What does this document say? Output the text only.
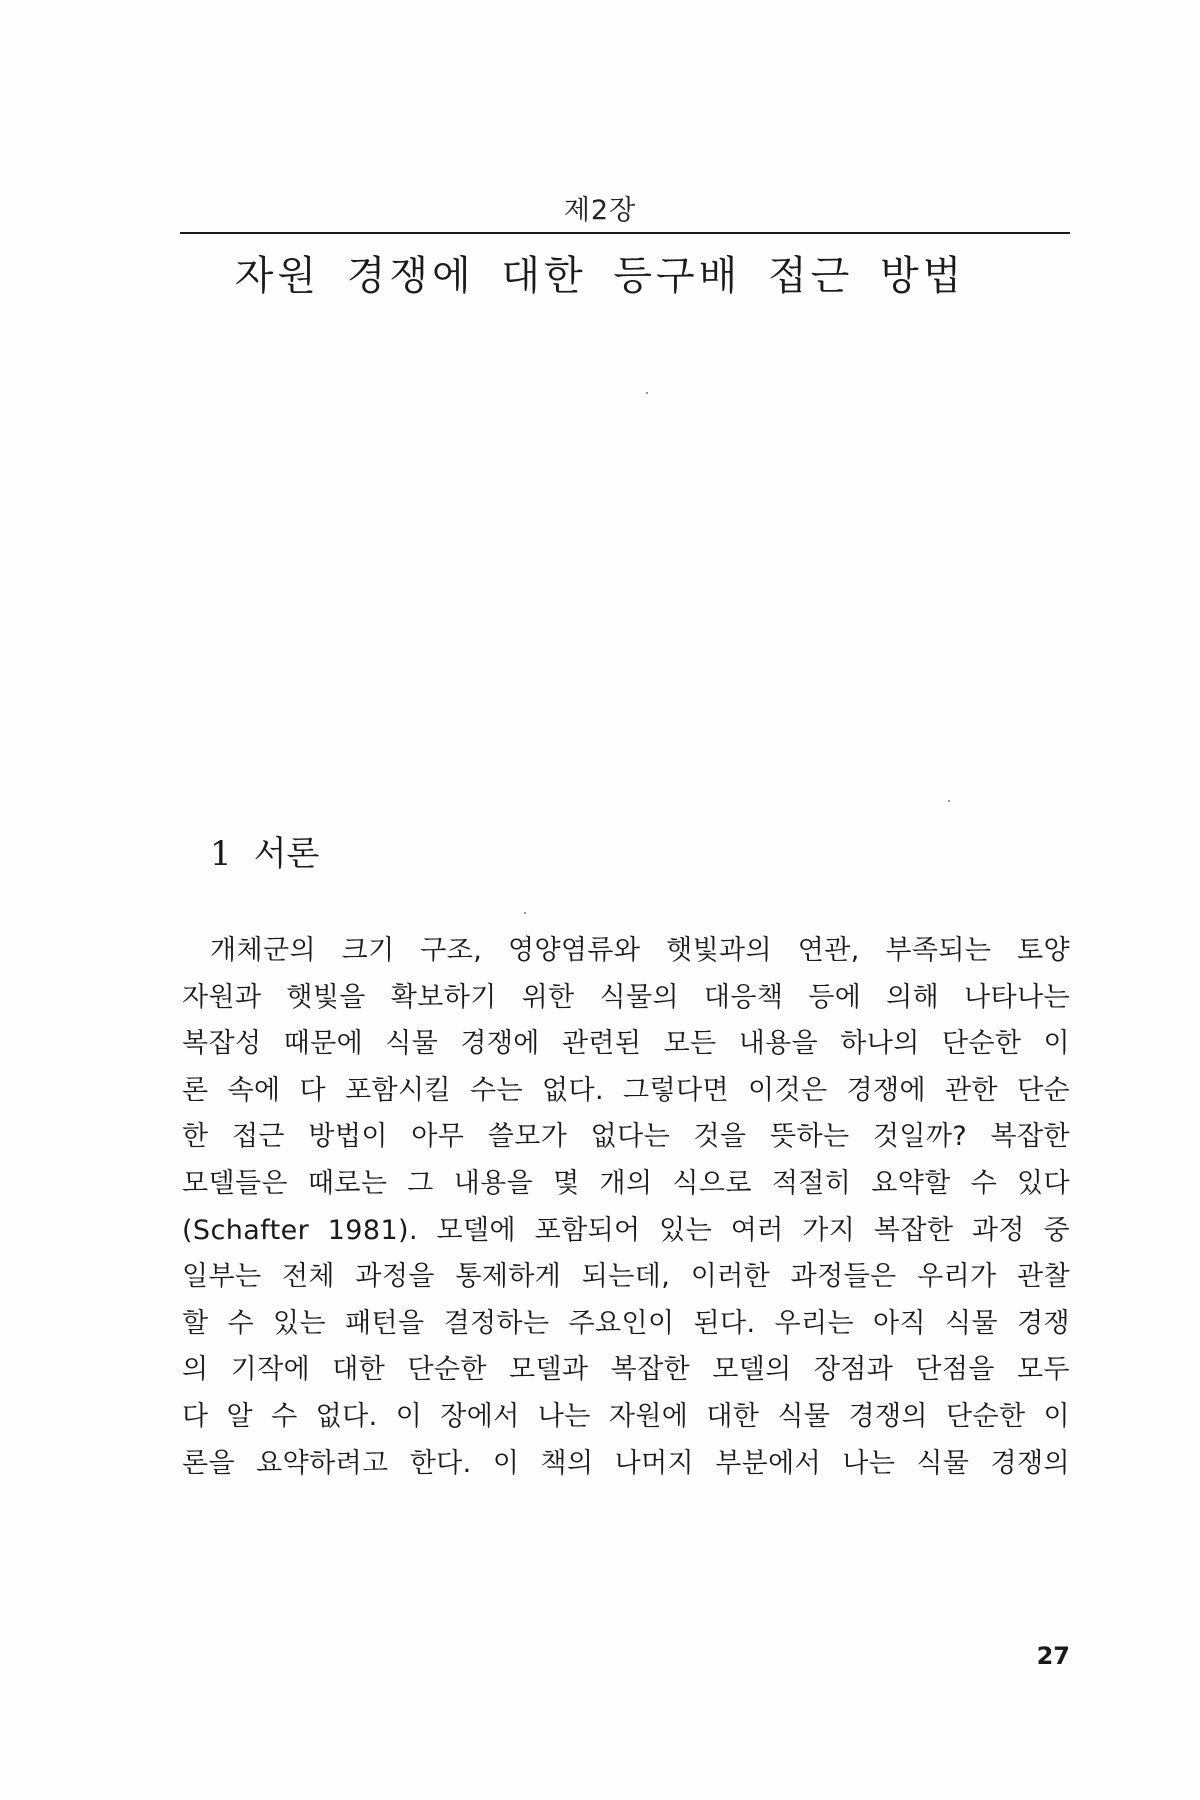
제2장
자원 경쟁에 대한 등구배 접근 방법
1 서론
개체군의 크기 구조, 영양염류와 햇빛과의 연관, 부족되는 토양
자원과 햇빛을 확보하기 위한 식물의 대응책 등에 의해 나타나는
복잡성 때문에 식물 경쟁에 관련된 모든 내용을 하나의 단순한 이
론 속에 다 포함시킬 수는 없다. 그렇다면 이것은 경쟁에 관한 단순
한 접근 방법이 아무 쓸모가 없다는 것을 뜻하는 것일까? 복잡한
모델들은 때로는 그 내용을 몇 개의 식으로 적절히 요약할 수 있다
(Schafter 1981). 모델에 포함되어 있는 여러 가지 복잡한 과정 중
일부는 전체 과정을 통제하게 되는데, 이러한 과정들은 우리가 관찰
할 수 있는 패턴을 결정하는 주요인이 된다. 우리는 아직 식물 경쟁
의 기작에 대한 단순한 모델과 복잡한 모델의 장점과 단점을 모두
다 알 수 없다. 이 장에서 나는 자원에 대한 식물 경쟁의 단순한 이
론을 요약하려고 한다. 이 책의 나머지 부분에서 나는 식물 경쟁의
27
